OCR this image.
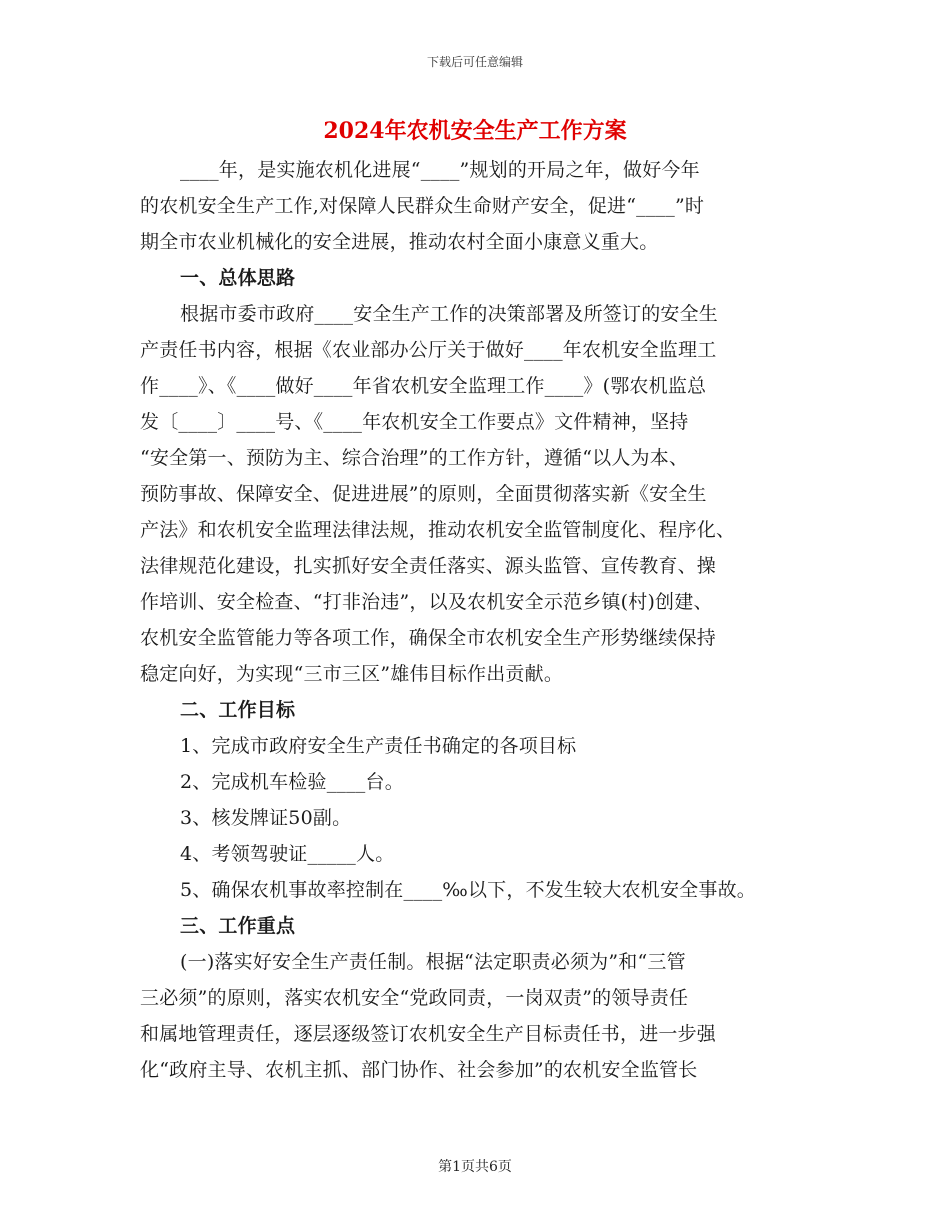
下载后可任意编辑
2024年农机安全生产工作方案
____年，是实施农机化进展“____”规划的开局之年，做好今年
的农机安全生产工作,对保障人民群众生命财产安全，促进“____”时
期全市农业机械化的安全进展，推动农村全面小康意义重大。
一、总体思路
根据市委市政府____安全生产工作的决策部署及所签订的安全生
产责任书内容，根据《农业部办公厅关于做好____年农机安全监理工
作____》、《____做好____年省农机安全监理工作____》(鄂农机监总
发〔____〕____号、《____年农机安全工作要点》文件精神，坚持
“安全第一、预防为主、综合治理”的工作方针，遵循“以人为本、
预防事故、保障安全、促进进展”的原则，全面贯彻落实新《安全生
产法》和农机安全监理法律法规，推动农机安全监管制度化、程序化、
法律规范化建设，扎实抓好安全责任落实、源头监管、宣传教育、操
作培训、安全检查、“打非治违”，以及农机安全示范乡镇(村)创建、
农机安全监管能力等各项工作，确保全市农机安全生产形势继续保持
稳定向好，为实现“三市三区”雄伟目标作出贡献。
二、工作目标
1、完成市政府安全生产责任书确定的各项目标
2、完成机车检验____台。
3、核发牌证50副。
4、考领驾驶证_____人。
5、确保农机事故率控制在____‰以下，不发生较大农机安全事故。
三、工作重点
(一)落实好安全生产责任制。根据“法定职责必须为”和“三管
三必须”的原则，落实农机安全“党政同责，一岗双责”的领导责任
和属地管理责任，逐层逐级签订农机安全生产目标责任书，进一步强
化“政府主导、农机主抓、部门协作、社会参加”的农机安全监管长
第1页共6页
